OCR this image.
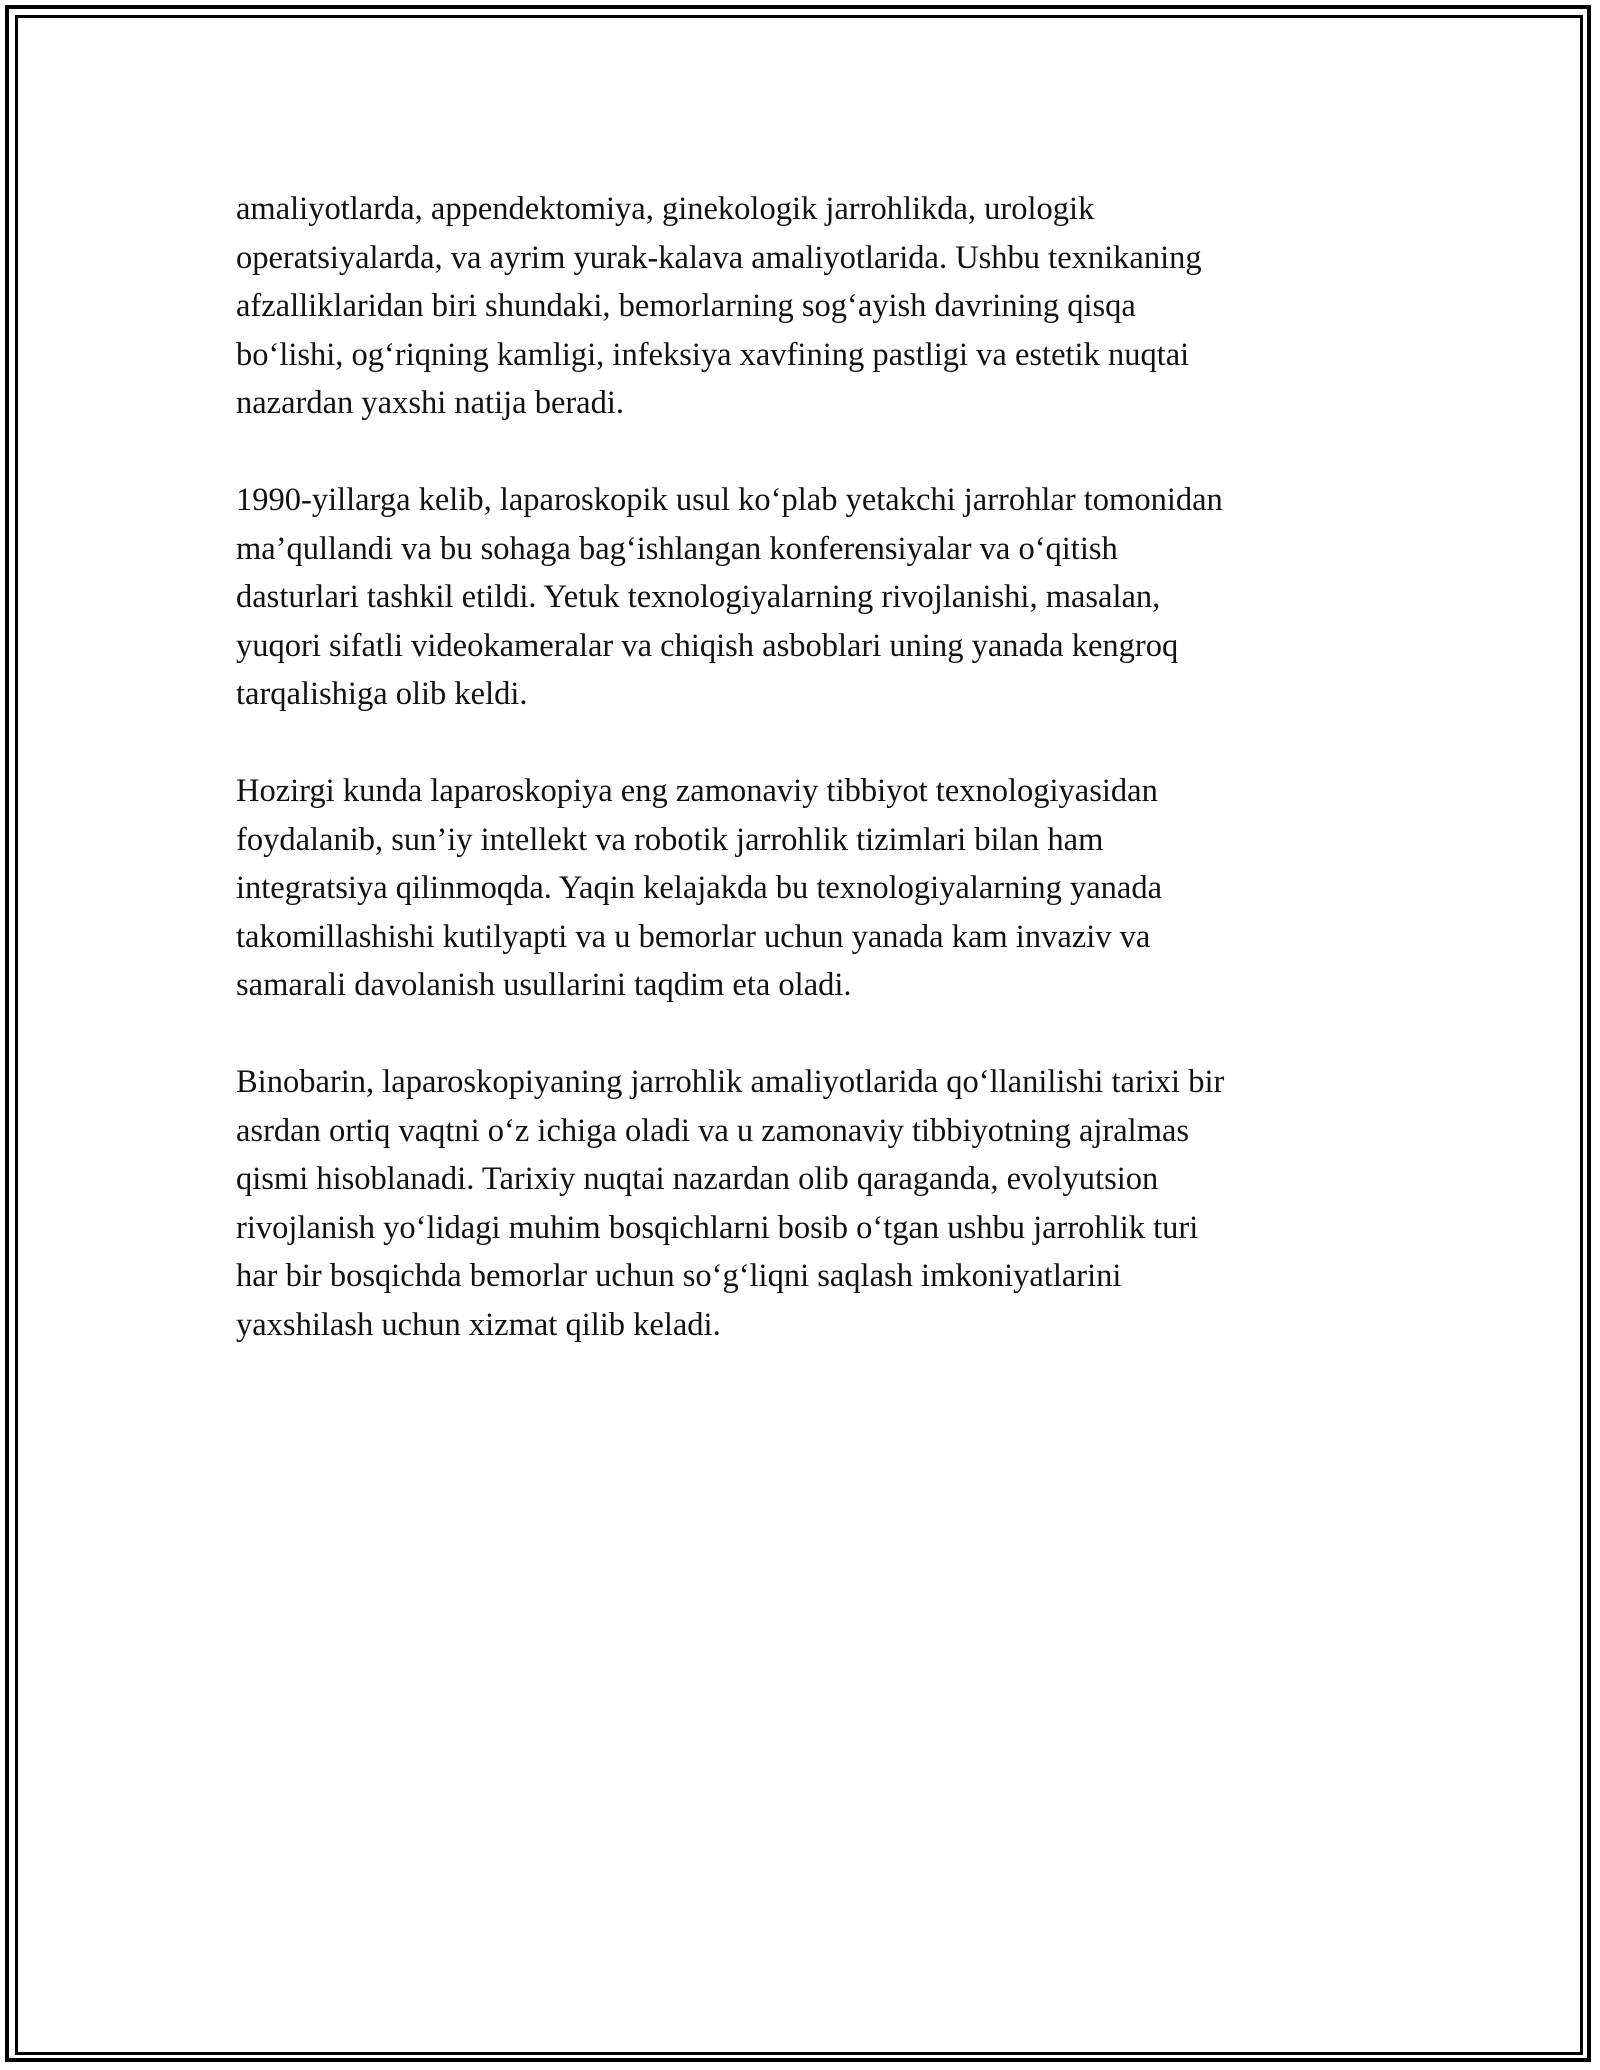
amaliyotlarda, appendektomiya, ginekologik jarrohlikda, urologik
operatsiyalarda, va ayrim yurak-kalava amaliyotlarida. Ushbu texnikaning
afzalliklaridan biri shundaki, bemorlarning sog‘ayish davrining qisqa
bo‘lishi, og‘riqning kamligi, infeksiya xavfining pastligi va estetik nuqtai
nazardan yaxshi natija beradi.

1990-yillarga kelib, laparoskopik usul ko‘plab yetakchi jarrohlar tomonidan
ma’qullandi va bu sohaga bag‘ishlangan konferensiyalar va o‘qitish
dasturlari tashkil etildi. Yetuk texnologiyalarning rivojlanishi, masalan,
yuqori sifatli videokameralar va chiqish asboblari uning yanada kengroq
tarqalishiga olib keldi.

Hozirgi kunda laparoskopiya eng zamonaviy tibbiyot texnologiyasidan
foydalanib, sun’iy intellekt va robotik jarrohlik tizimlari bilan ham
integratsiya qilinmoqda. Yaqin kelajakda bu texnologiyalarning yanada
takomillashishi kutilyapti va u bemorlar uchun yanada kam invaziv va
samarali davolanish usullarini taqdim eta oladi.

Binobarin, laparoskopiyaning jarrohlik amaliyotlarida qo‘llanilishi tarixi bir
asrdan ortiq vaqtni o‘z ichiga oladi va u zamonaviy tibbiyotning ajralmas
qismi hisoblanadi. Tarixiy nuqtai nazardan olib qaraganda, evolyutsion
rivojlanish yo‘lidagi muhim bosqichlarni bosib o‘tgan ushbu jarrohlik turi
har bir bosqichda bemorlar uchun so‘g‘liqni saqlash imkoniyatlarini
yaxshilash uchun xizmat qilib keladi.
